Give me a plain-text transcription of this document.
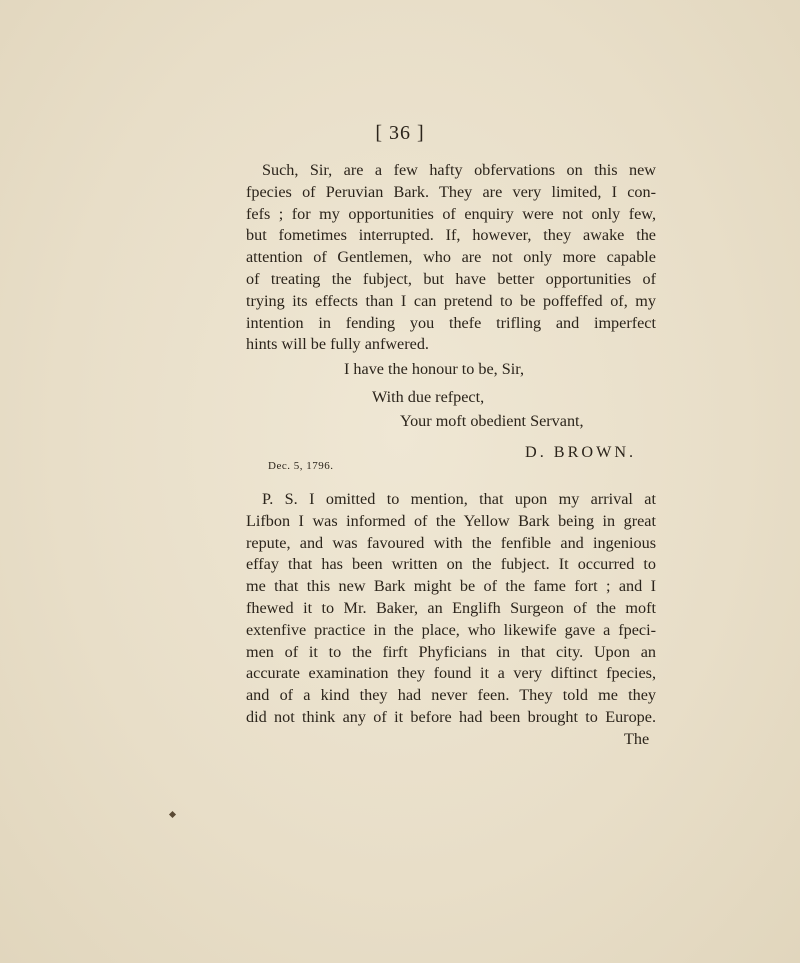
[ 36 ]
Such, Sir, are a few hafty obfervations on this new
fpecies of Peruvian Bark. They are very limited, I con-
fefs ; for my opportunities of enquiry were not only few,
but fometimes interrupted. If, however, they awake the
attention of Gentlemen, who are not only more capable
of treating the fubject, but have better opportunities of
trying its effects than I can pretend to be poffeffed of, my
intention in fending you thefe trifling and imperfect
hints will be fully anfwered.
I have the honour to be, Sir,
With due refpect,
Your moft obedient Servant,
D. BROWN.
Dec. 5, 1796.
P. S. I omitted to mention, that upon my arrival at
Lifbon I was informed of the Yellow Bark being in great
repute, and was favoured with the fenfible and ingenious
effay that has been written on the fubject. It occurred to
me that this new Bark might be of the fame fort ; and I
fhewed it to Mr. Baker, an Englifh Surgeon of the moft
extenfive practice in the place, who likewife gave a fpeci-
men of it to the firft Phyficians in that city. Upon an
accurate examination they found it a very diftinct fpecies,
and of a kind they had never feen. They told me they
did not think any of it before had been brought to Europe.
The
